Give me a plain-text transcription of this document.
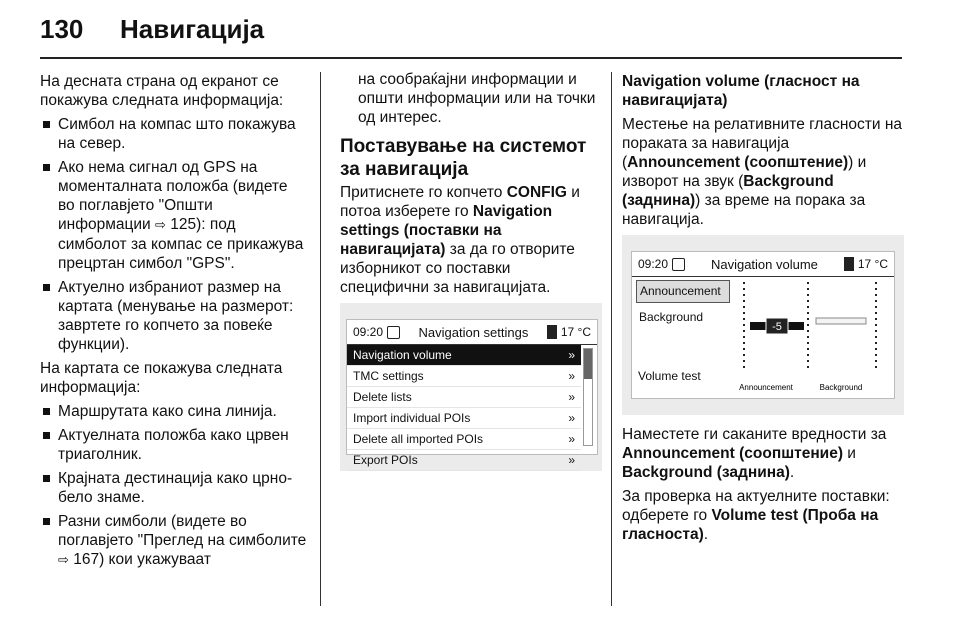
130 Навигација

На десната страна од екранот се покажува следната информација:

Симбол на компас што покажува на север.
Ако нема сигнал од GPS на моменталната положба (видете во поглавјето "Општи информации ⇨ 125): под симболот за компас се прикажува прецртан симбол "GPS".
Актуелно избраниот размер на картата (менување на размерот: завртете го копчето за повеќе функции).

На картата се покажува следната информација:

Маршрутата како сина линија.
Актуелната положба како црвен триаголник.
Крајната дестинација како црно-бело знаме.
Разни симболи (видете во поглавјето "Преглед на симболите ⇨ 167) кои укажуваат

на сообраќајни информации и општи информации или на точки од интерес.

Поставување на системот за навигација

Притиснете го копчето CONFIG и потоа изберете го Navigation settings (поставки на навигацијата) за да го отворите изборникот со поставки специфични за навигацијата.

09:20	Navigation settings	17 °C
Navigation volume	»
TMC settings	»
Delete lists	»
Import individual POIs	»
Delete all imported POIs	»
Export POIs	»

Navigation volume (гласност на навигацијата)

Местење на релативните гласности на пораката за навигација (Announcement (соопштение)) и изворот на звук (Background (заднина)) за време на порака за навигација.

09:20	Navigation volume	17 °C
Announcement
Background
Volume test
-5
Announcement	Background

Наместете ги саканите вредности за Announcement (соопштение) и Background (заднина).

За проверка на актуелните поставки: одберете го Volume test (Проба на гласноста).
